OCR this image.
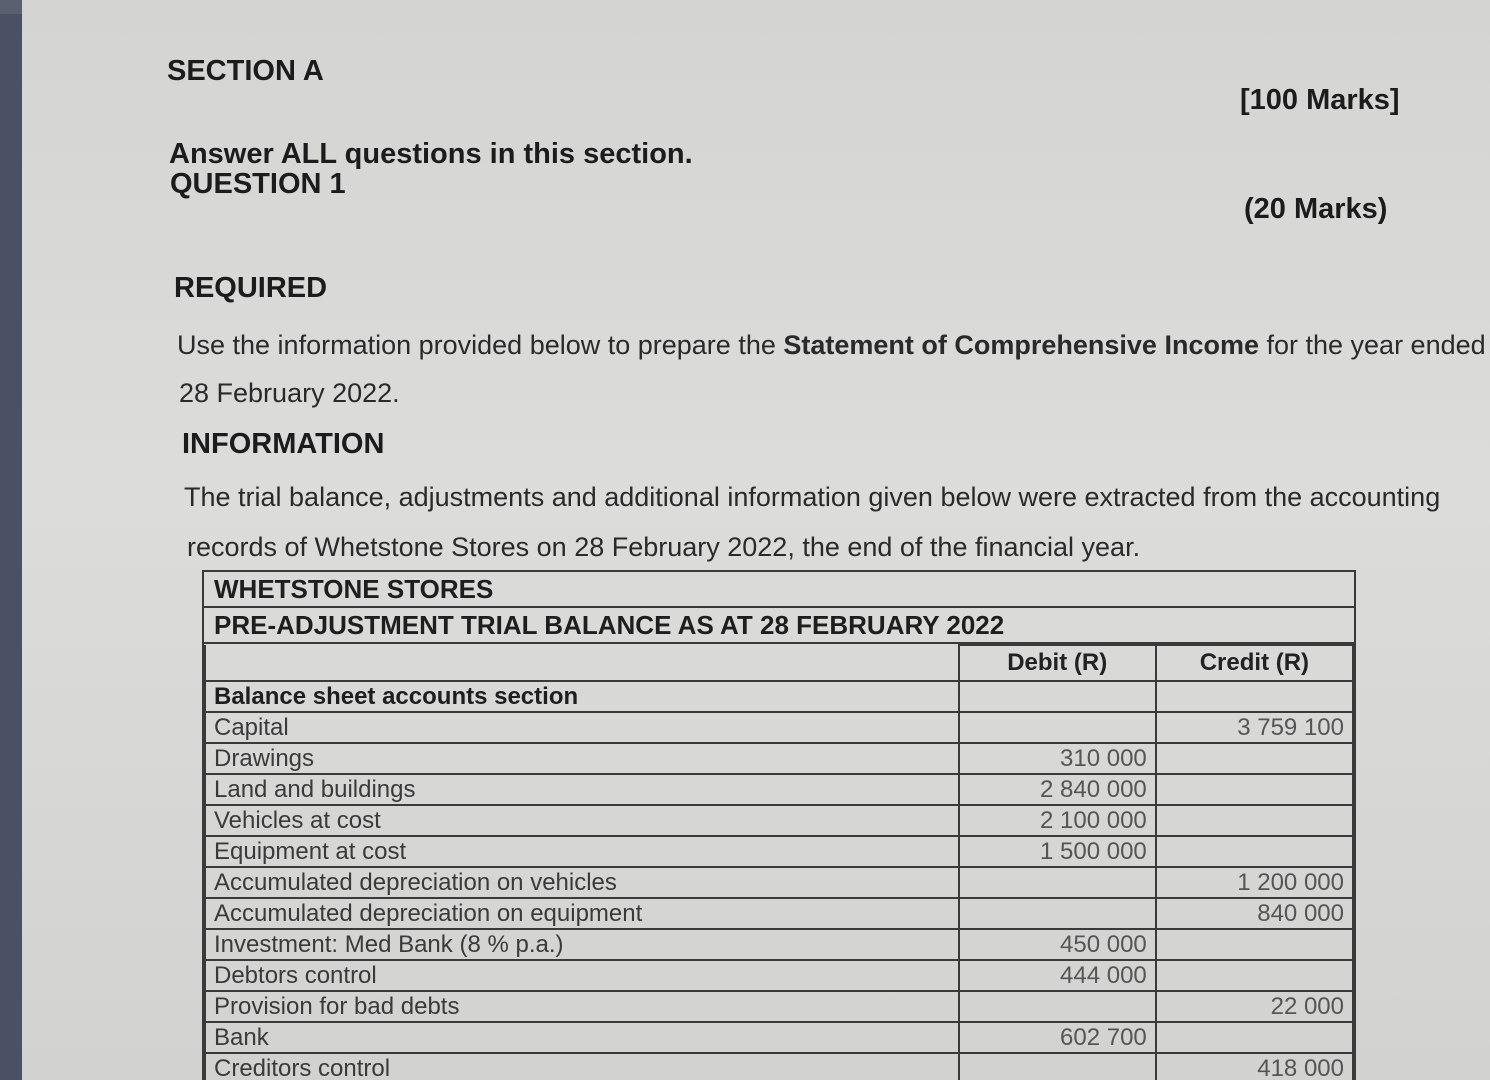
SECTION A
[100 Marks]
Answer ALL questions in this section.
QUESTION 1
(20 Marks)
REQUIRED
Use the information provided below to prepare the Statement of Comprehensive Income for the year ended
28 February 2022.
INFORMATION
The trial balance, adjustments and additional information given below were extracted from the accounting
records of Whetstone Stores on 28 February 2022, the end of the financial year.
WHETSTONE STORES
PRE-ADJUSTMENT TRIAL BALANCE AS AT 28 FEBRUARY 2022
	Debit (R)	Credit (R)
Balance sheet accounts section		
Capital		3 759 100
Drawings	310 000	
Land and buildings	2 840 000	
Vehicles at cost	2 100 000	
Equipment at cost	1 500 000	
Accumulated depreciation on vehicles		1 200 000
Accumulated depreciation on equipment		840 000
Investment: Med Bank (8 % p.a.)	450 000	
Debtors control	444 000	
Provision for bad debts		22 000
Bank	602 700	
Creditors control		418 000
